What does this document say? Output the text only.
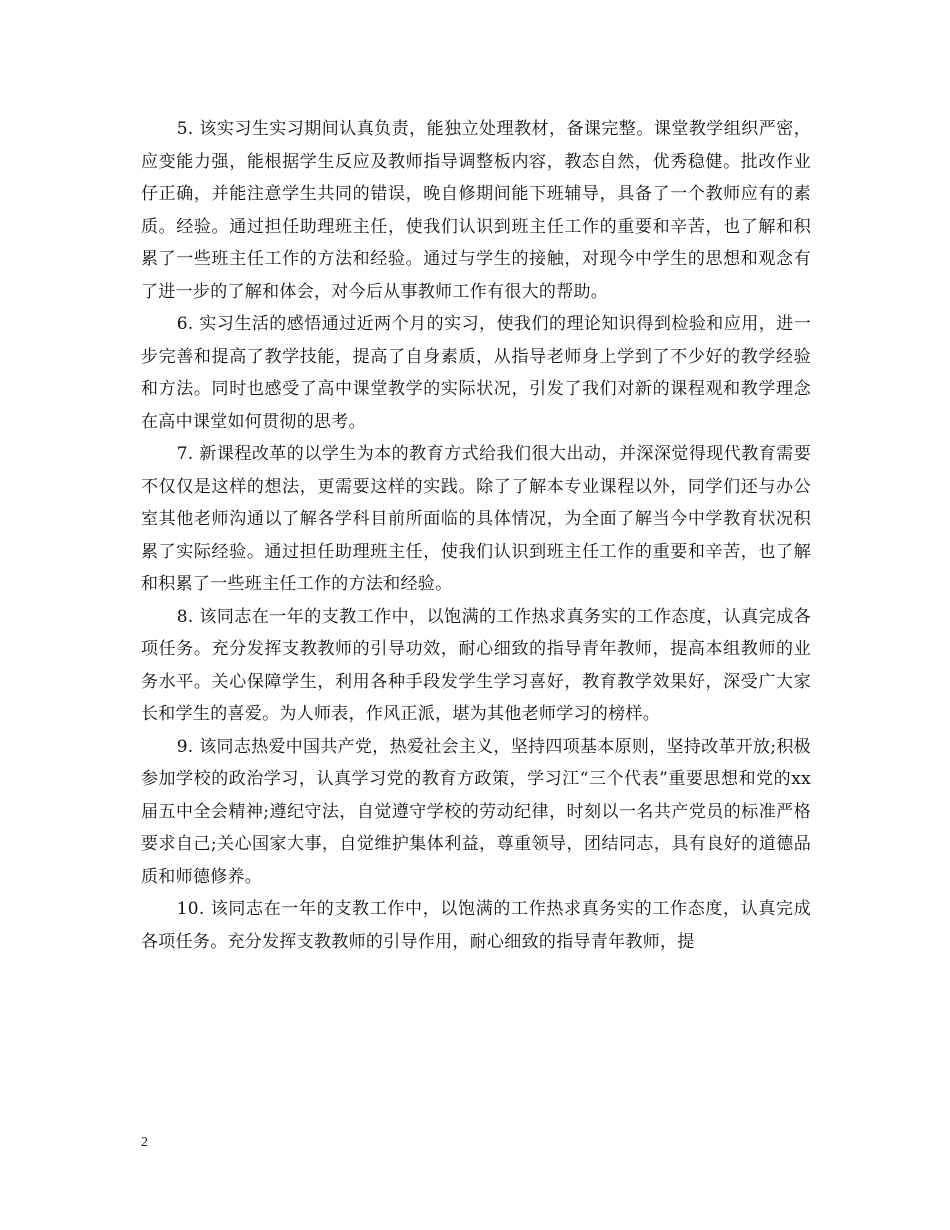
5. 该实习生实习期间认真负责，能独立处理教材，备课完整。课堂教学组织严密，应变能力强，能根据学生反应及教师指导调整板内容，教态自然，优秀稳健。批改作业仔正确，并能注意学生共同的错误，晚自修期间能下班辅导，具备了一个教师应有的素质。经验。通过担任助理班主任，使我们认识到班主任工作的重要和辛苦，也了解和积累了一些班主任工作的方法和经验。通过与学生的接触，对现今中学生的思想和观念有了进一步的了解和体会，对今后从事教师工作有很大的帮助。

6. 实习生活的感悟通过近两个月的实习，使我们的理论知识得到检验和应用，进一步完善和提高了教学技能，提高了自身素质，从指导老师身上学到了不少好的教学经验和方法。同时也感受了高中课堂教学的实际状况，引发了我们对新的课程观和教学理念在高中课堂如何贯彻的思考。

7. 新课程改革的以学生为本的教育方式给我们很大出动，并深深觉得现代教育需要不仅仅是这样的想法，更需要这样的实践。除了了解本专业课程以外，同学们还与办公室其他老师沟通以了解各学科目前所面临的具体情况，为全面了解当今中学教育状况积累了实际经验。通过担任助理班主任，使我们认识到班主任工作的重要和辛苦，也了解和积累了一些班主任工作的方法和经验。

8. 该同志在一年的支教工作中，以饱满的工作热求真务实的工作态度，认真完成各项任务。充分发挥支教教师的引导功效，耐心细致的指导青年教师，提高本组教师的业务水平。关心保障学生，利用各种手段发学生学习喜好，教育教学效果好，深受广大家长和学生的喜爱。为人师表，作风正派，堪为其他老师学习的榜样。

9. 该同志热爱中国共产党，热爱社会主义，坚持四项基本原则，坚持改革开放;积极参加学校的政治学习，认真学习党的教育方政策，学习江“三个代表”重要思想和党的xx届五中全会精神;遵纪守法，自觉遵守学校的劳动纪律，时刻以一名共产党员的标准严格要求自己;关心国家大事，自觉维护集体利益，尊重领导，团结同志，具有良好的道德品质和师德修养。

10. 该同志在一年的支教工作中，以饱满的工作热求真务实的工作态度，认真完成各项任务。充分发挥支教教师的引导作用，耐心细致的指导青年教师，提

2
